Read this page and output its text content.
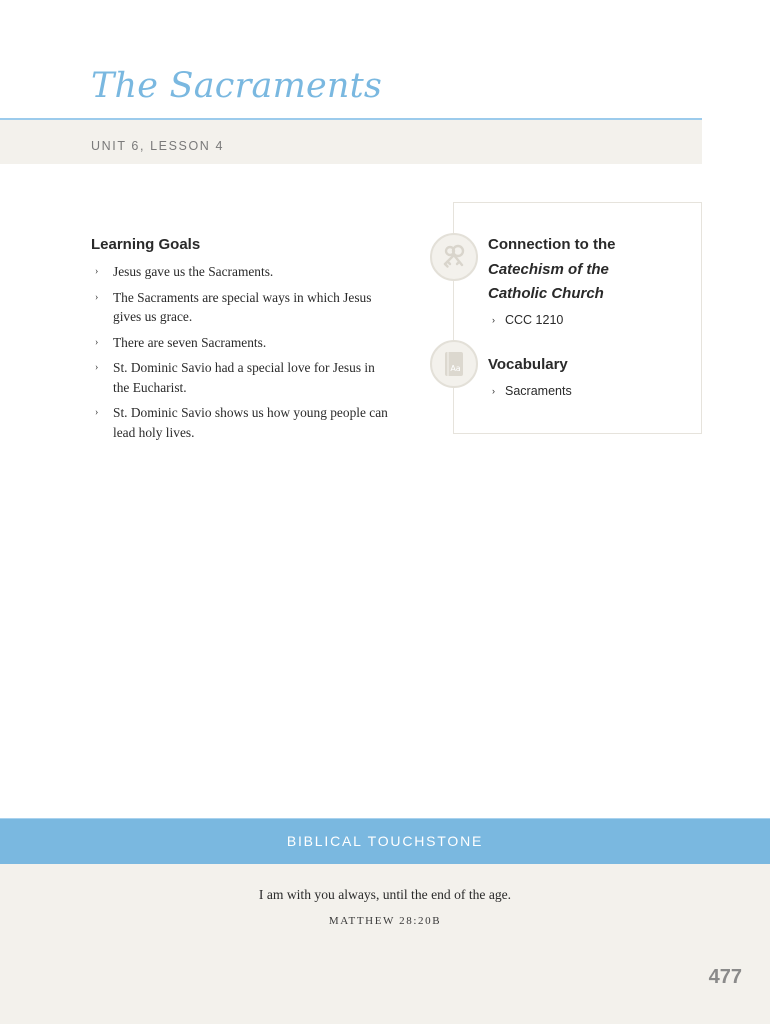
The Sacraments
UNIT 6, LESSON 4
Learning Goals
› Jesus gave us the Sacraments.
› The Sacraments are special ways in which Jesus gives us grace.
› There are seven Sacraments.
› St. Dominic Savio had a special love for Jesus in the Eucharist.
› St. Dominic Savio shows us how young people can lead holy lives.
Connection to the
Catechism of the
Catholic Church
› CCC 1210
Aa Vocabulary
› Sacraments
BIBLICAL TOUCHSTONE
I am with you always, until the end of the age.
MATTHEW 28:20B
477
